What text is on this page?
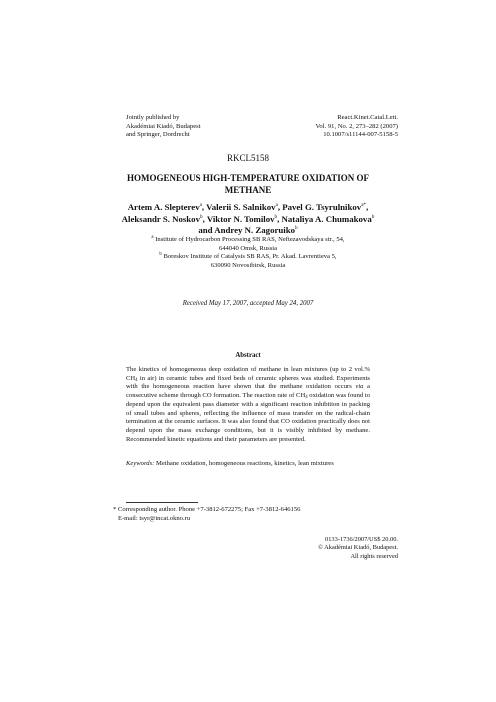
Jointly published by
Akadémiai Kiadó, Budapest
and Springer, Dordrecht
React.Kinet.Catal.Lett.
Vol. 91, No. 2, 273–282 (2007)
10.1007/s11144-007-5158-5
RKCL5158
HOMOGENEOUS HIGH-TEMPERATURE OXIDATION OF
METHANE
Artem A. Slepterev$^a$, Valerii S. Salnikov$^a$, Pavel G. Tsyrulnikov$^{a*}$,
Aleksandr S. Noskov$^b$, Viktor N. Tomilov$^b$, Nataliya A. Chumakova$^b$
and Andrey N. Zagoruiko$^b$
$^a$ Institute of Hydrocarbon Processing SB RAS, Neftezavodskaya str., 54,
644040 Omsk, Russia
$^b$ Boreskov Institute of Catalysis SB RAS, Pr. Akad. Lavrentieva 5,
630090 Novosibirsk, Russia
Received May 17, 2007, accepted May 24, 2007
Abstract

The kinetics of homogeneous deep oxidation of methane in lean mixtures (up to 2 vol.% $CH_4$ in air) in ceramic tubes and fixed beds of ceramic spheres was studied. Experiments with the homogeneous reaction have shown that the methane oxidation occurs via a consecutive scheme through CO formation. The reaction rate of $CH_4$ oxidation was found to depend upon the equivalent pass diameter with a significant reaction inhibition in packing of small tubes and spheres, reflecting the influence of mass transfer on the radical-chain termination at the ceramic surfaces. It was also found that CO oxidation practically does not depend upon the mass exchange conditions, but it is visibly inhibited by methane. Recommended kinetic equations and their parameters are presented.

Keywords: Methane oxidation, homogeneous reactions, kinetics, lean mixtures
* Corresponding author. Phone +7-3812-672275; Fax +7-3812-646156
E-mail: tsyr@incat.okno.ru
0133-1736/2007/US$ 20.00.
© Akadémiai Kiadó, Budapest.
All rights reserved
